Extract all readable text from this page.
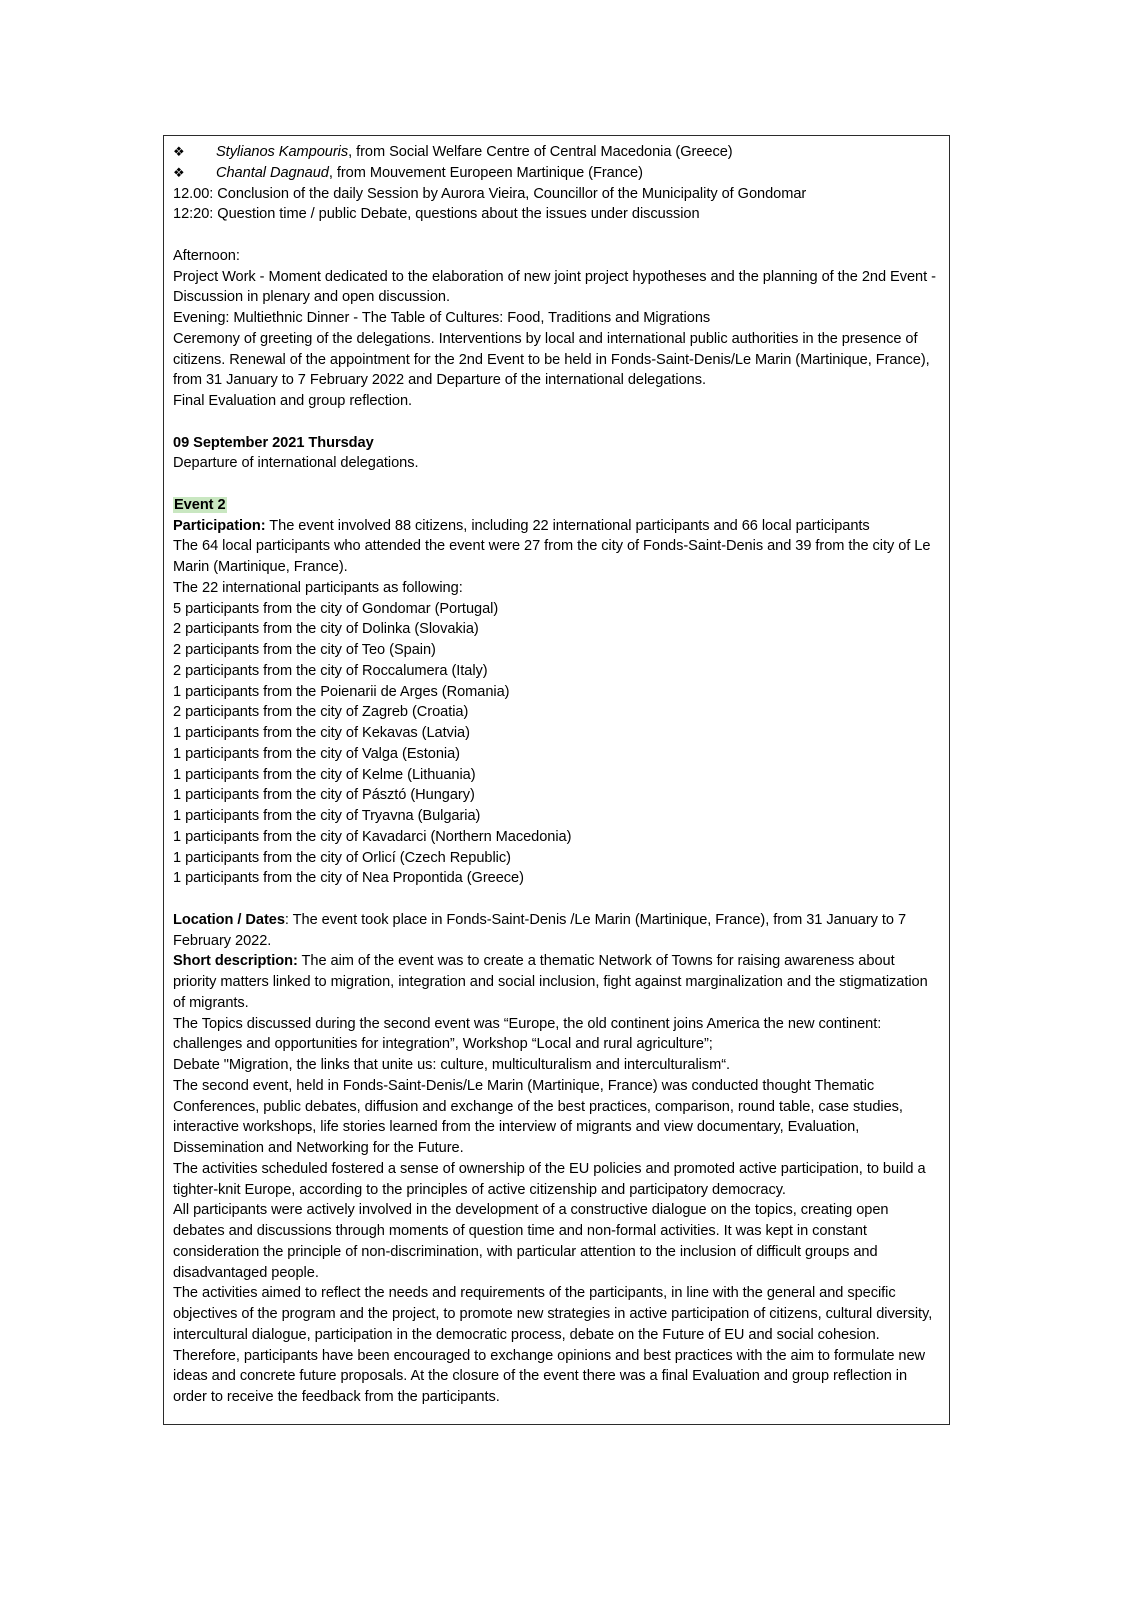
❖ Stylianos Kampouris, from Social Welfare Centre of Central Macedonia (Greece)

❖ Chantal Dagnaud, from Mouvement Europeen Martinique (France)

12.00: Conclusion of the daily Session by Aurora Vieira, Councillor of the Municipality of Gondomar

12:20: Question time / public Debate, questions about the issues under discussion

Afternoon:

Project Work - Moment dedicated to the elaboration of new joint project hypotheses and the planning of the 2nd Event - Discussion in plenary and open discussion.

Evening: Multiethnic Dinner - The Table of Cultures: Food, Traditions and Migrations

Ceremony of greeting of the delegations. Interventions by local and international public authorities in the presence of citizens. Renewal of the appointment for the 2nd Event to be held in Fonds-Saint-Denis/Le Marin (Martinique, France), from 31 January to 7 February 2022 and Departure of the international delegations.

Final Evaluation and group reflection.

09 September 2021 Thursday

Departure of international delegations.

Event 2

Participation: The event involved 88 citizens, including 22 international participants and 66 local participants

The 64 local participants who attended the event were 27 from the city of Fonds-Saint-Denis and 39 from the city of Le Marin (Martinique, France).

The 22 international participants as following:

5 participants from the city of Gondomar (Portugal)

2 participants from the city of Dolinka (Slovakia)

2 participants from the city of Teo (Spain)

2 participants from the city of Roccalumera (Italy)

1 participants from the Poienarii de Arges (Romania)

2 participants from the city of Zagreb (Croatia)

1 participants from the city of Kekavas (Latvia)

1 participants from the city of Valga (Estonia)

1 participants from the city of Kelme (Lithuania)

1 participants from the city of Pásztó (Hungary)

1 participants from the city of Tryavna (Bulgaria)

1 participants from the city of Kavadarci (Northern Macedonia)

1 participants from the city of Orlicí (Czech Republic)

1 participants from the city of Nea Propontida (Greece)

Location / Dates: The event took place in Fonds-Saint-Denis /Le Marin (Martinique, France), from 31 January to 7 February 2022.

Short description: The aim of the event was to create a thematic Network of Towns for raising awareness about priority matters linked to migration, integration and social inclusion, fight against marginalization and the stigmatization of migrants.

The Topics discussed during the second event was “Europe, the old continent joins America the new continent: challenges and opportunities for integration”, Workshop “Local and rural agriculture”;

Debate "Migration, the links that unite us: culture, multiculturalism and interculturalism“.

The second event, held in Fonds-Saint-Denis/Le Marin (Martinique, France) was conducted thought Thematic Conferences, public debates, diffusion and exchange of the best practices, comparison, round table, case studies, interactive workshops, life stories learned from the interview of migrants and view documentary, Evaluation, Dissemination and Networking for the Future.

The activities scheduled fostered a sense of ownership of the EU policies and promoted active participation, to build a tighter-knit Europe, according to the principles of active citizenship and participatory democracy.

All participants were actively involved in the development of a constructive dialogue on the topics, creating open debates and discussions through moments of question time and non-formal activities. It was kept in constant consideration the principle of non-discrimination, with particular attention to the inclusion of difficult groups and disadvantaged people.

The activities aimed to reflect the needs and requirements of the participants, in line with the general and specific objectives of the program and the project, to promote new strategies in active participation of citizens, cultural diversity, intercultural dialogue, participation in the democratic process, debate on the Future of EU and social cohesion.

Therefore, participants have been encouraged to exchange opinions and best practices with the aim to formulate new ideas and concrete future proposals. At the closure of the event there was a final Evaluation and group reflection in order to receive the feedback from the participants.
